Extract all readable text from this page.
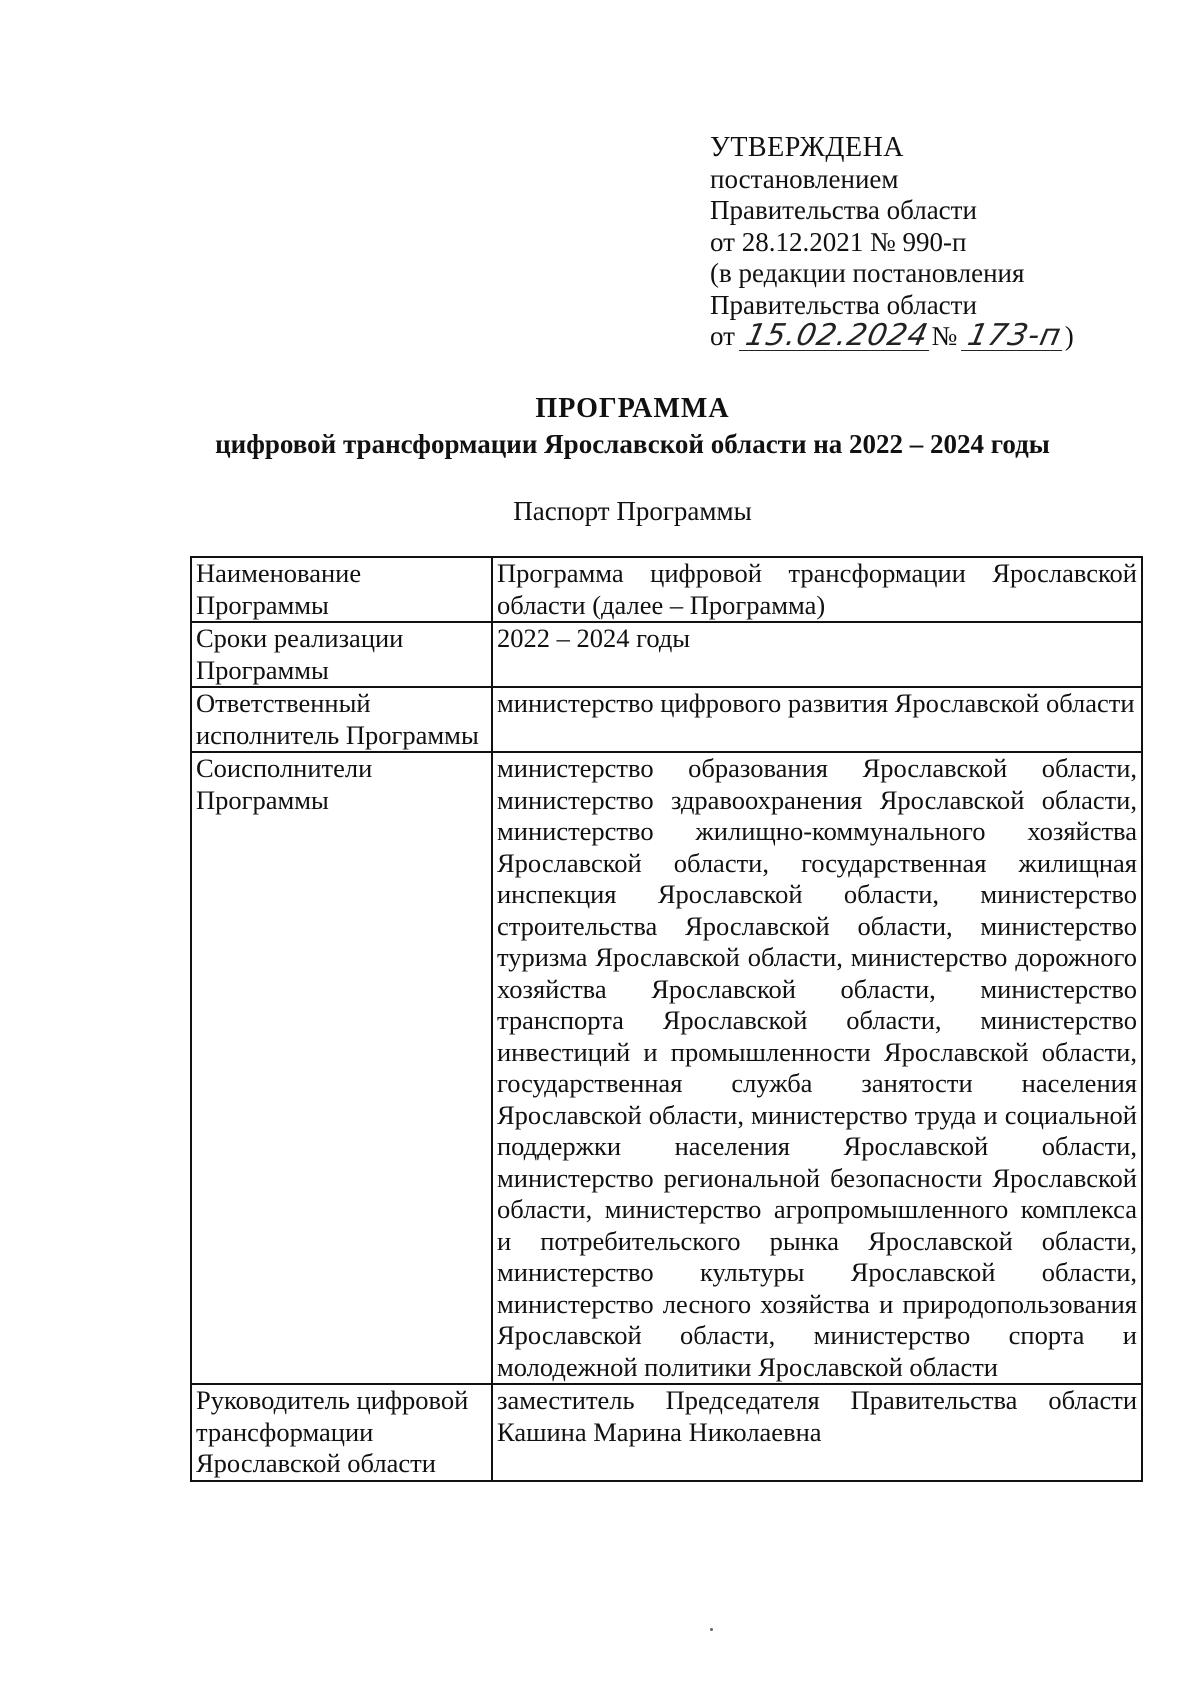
УТВЕРЖДЕНА
постановлением
Правительства области
от 28.12.2021 № 990-п
(в редакции постановления
Правительства области
от 15.02.2024№ 173-п)
ПРОГРАММА
цифровой трансформации Ярославской области на 2022 – 2024 годы
Паспорт Программы
Наименование Программы	Программа цифровой трансформации Ярославской области (далее – Программа)
Сроки реализации Программы	2022 – 2024 годы
Ответственный исполнитель Программы	министерство цифрового развития Ярославской области
Соисполнители Программы	министерство образования Ярославской области, министерство здравоохранения Ярославской области, министерство жилищно-коммунального хозяйства Ярославской области, государственная жилищная инспекция Ярославской области, министерство строительства Ярославской области, министерство туризма Ярославской области, министерство дорожного хозяйства Ярославской области, министерство транспорта Ярославской области, министерство инвестиций и промышленности Ярославской области, государственная служба занятости населения Ярославской области, министерство труда и социальной поддержки населения Ярославской области, министерство региональной безопасности Ярославской области, министерство агропромышленного комплекса и потребительского рынка Ярославской области, министерство культуры Ярославской области, министерство лесного хозяйства и природопользования Ярославской области, министерство спорта и молодежной политики Ярославской области
Руководитель цифровой трансформации Ярославской области	заместитель Председателя Правительства области Кашина Марина Николаевна
